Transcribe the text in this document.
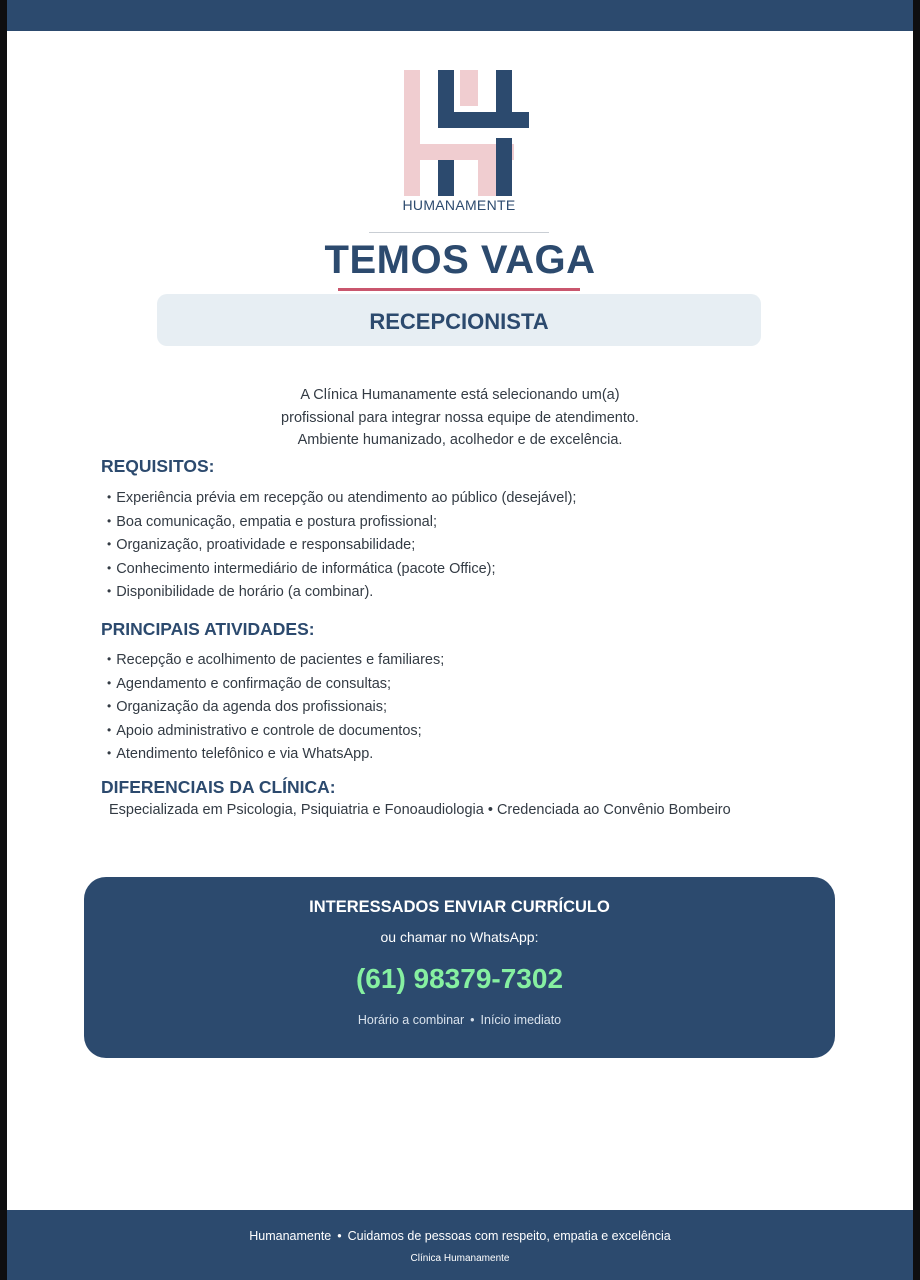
HUMANAMENTE
TEMOS VAGA
RECEPCIONISTA
A Clínica Humanamente está selecionando um(a)
profissional para integrar nossa equipe de atendimento.
Ambiente humanizado, acolhedor e de excelência.
REQUISITOS:
• Experiência prévia em recepção ou atendimento ao público (desejável);
• Boa comunicação, empatia e postura profissional;
• Organização, proatividade e responsabilidade;
• Conhecimento intermediário de informática (pacote Office);
• Disponibilidade de horário (a combinar).
PRINCIPAIS ATIVIDADES:
• Recepção e acolhimento de pacientes e familiares;
• Agendamento e confirmação de consultas;
• Organização da agenda dos profissionais;
• Apoio administrativo e controle de documentos;
• Atendimento telefônico e via WhatsApp.
DIFERENCIAIS DA CLÍNICA:
Especializada em Psicologia, Psiquiatria e Fonoaudiologia • Credenciada ao Convênio Bombeiro
INTERESSADOS ENVIAR CURRÍCULO
ou chamar no WhatsApp:
(61) 98379-7302
Horário a combinar • Início imediato
Humanamente • Cuidamos de pessoas com respeito, empatia e excelência
Clínica Humanamente
